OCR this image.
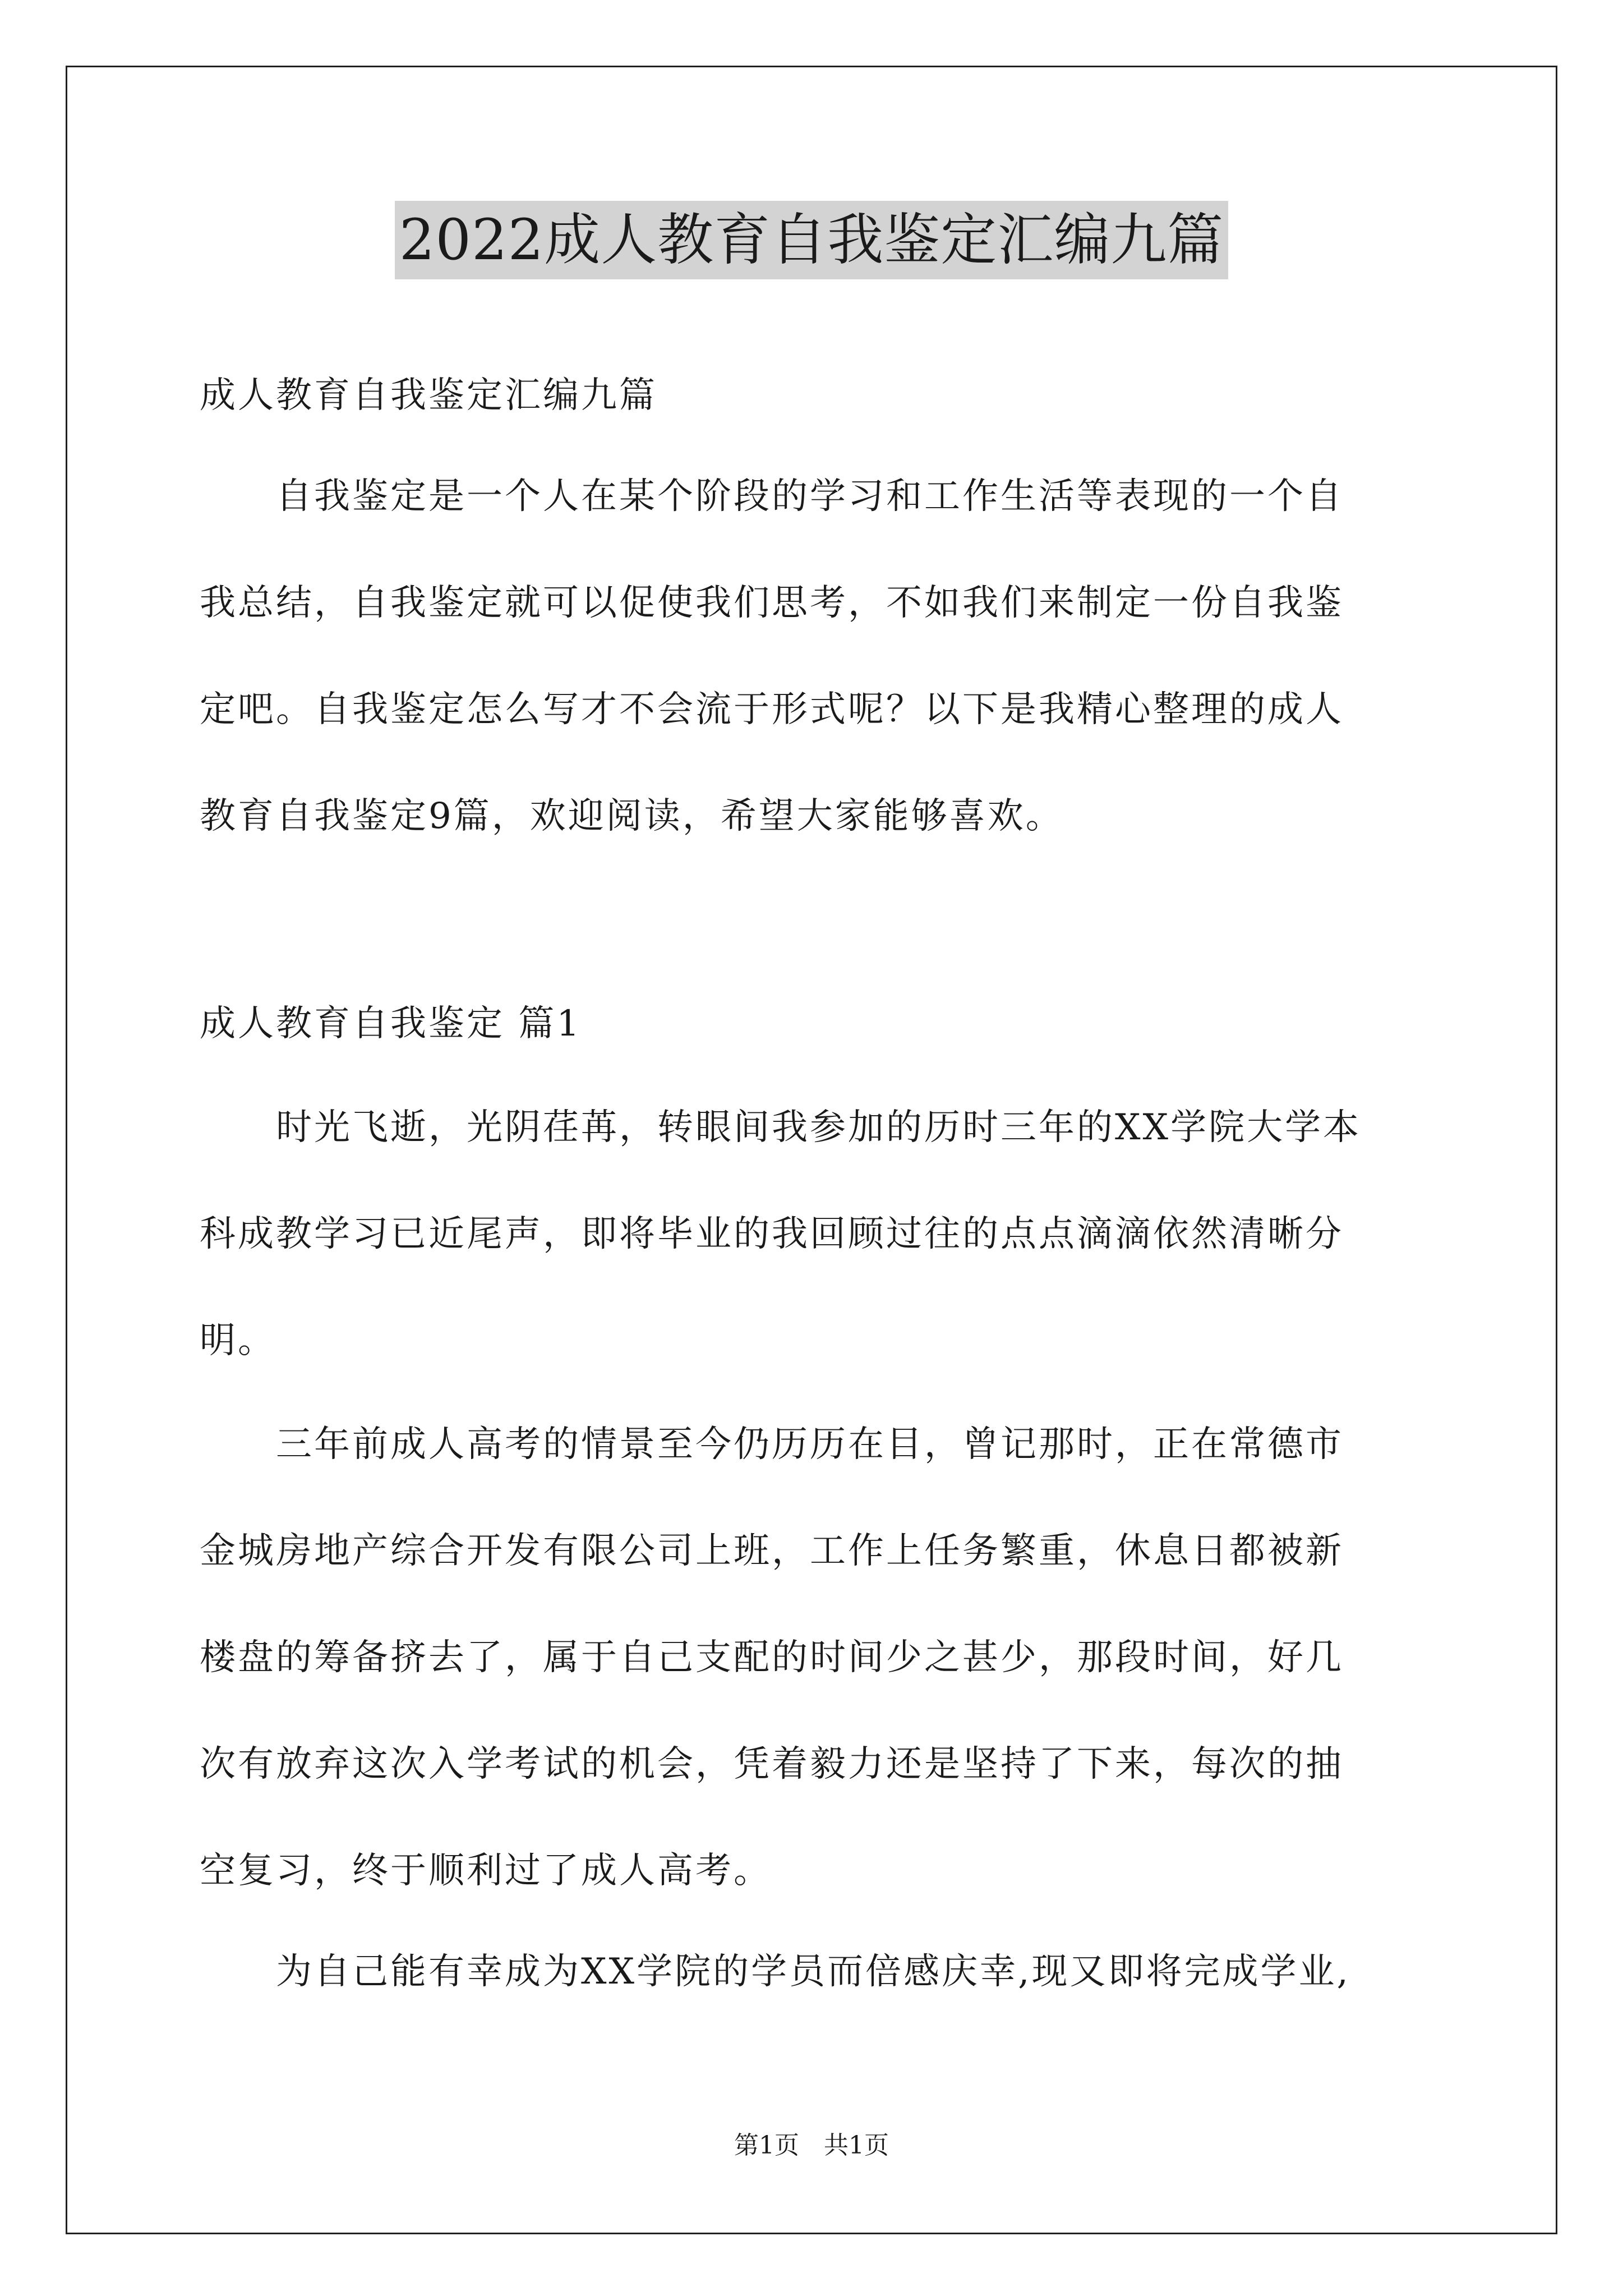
2022成人教育自我鉴定汇编九篇

成人教育自我鉴定汇编九篇

　　自我鉴定是一个人在某个阶段的学习和工作生活等表现的一个自
我总结，自我鉴定就可以促使我们思考，不如我们来制定一份自我鉴
定吧。自我鉴定怎么写才不会流于形式呢？以下是我精心整理的成人
教育自我鉴定9篇，欢迎阅读，希望大家能够喜欢。

成人教育自我鉴定 篇1

　　时光飞逝，光阴荏苒，转眼间我参加的历时三年的XX学院大学本
科成教学习已近尾声，即将毕业的我回顾过往的点点滴滴依然清晰分
明。
　　三年前成人高考的情景至今仍历历在目，曾记那时，正在常德市
金城房地产综合开发有限公司上班，工作上任务繁重，休息日都被新
楼盘的筹备挤去了，属于自己支配的时间少之甚少，那段时间，好几
次有放弃这次入学考试的机会，凭着毅力还是坚持了下来，每次的抽
空复习，终于顺利过了成人高考。
　　为自己能有幸成为XX学院的学员而倍感庆幸,现又即将完成学业,
第1页　共1页
